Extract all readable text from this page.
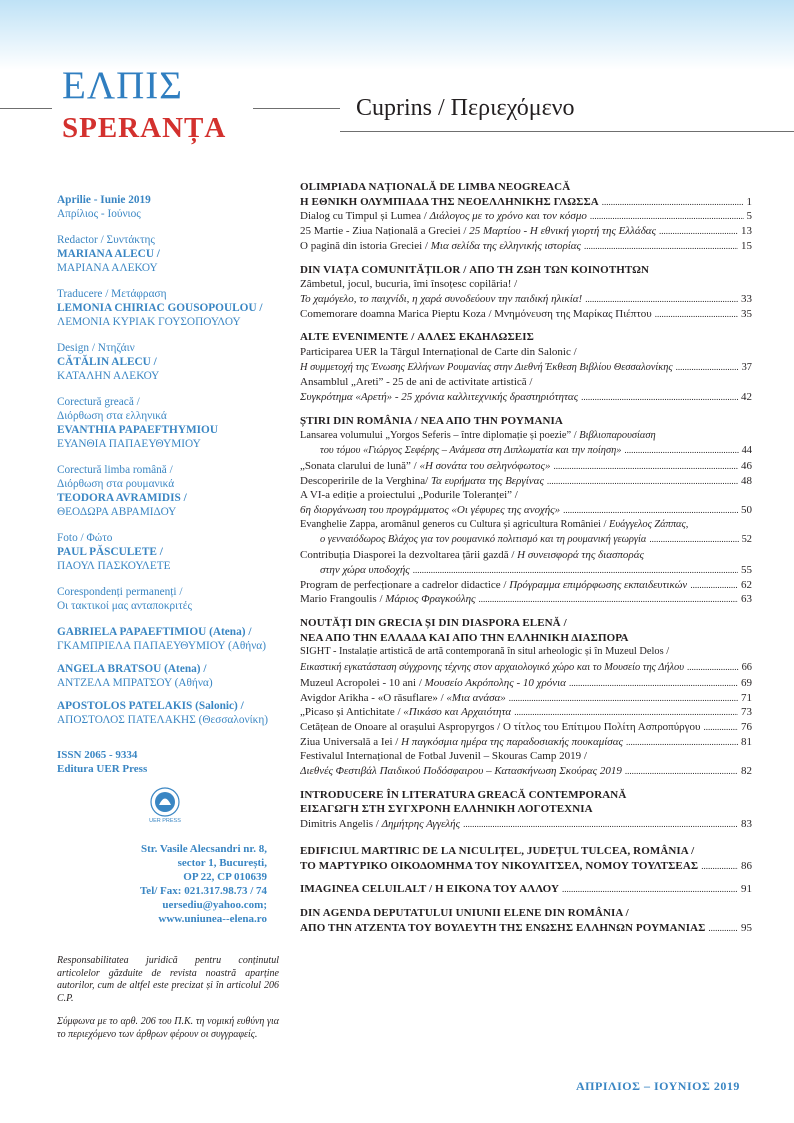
ΕΛΠΙΣ
SPERANȚA
Cuprins / Περιεχόμενο
Aprilie - Iunie 2019
Απρίλιος - Ιούνιος
Redactor / Συντάκτης
MARIANA ALECU /
ΜΑΡΙΑΝΑ ΑΛΕΚΟΥ
Traducere / Μετάφραση
LEMONIA CHIRIAC GOUSOPOULOU /
ΛΕΜΟΝΙΑ ΚΥΡΙΑΚ ΓΟΥΣΟΠΟΥΛΟΥ
Design / Ντηζάιν
CĂTĂLIN ALECU /
ΚΑΤΑΛΗΝ ΑΛΕΚΟΥ
Corectură greacă /
Διόρθωση στα ελληνικά
EVANTHIA PAPAEFTHYMIOU
ΕΥΑΝΘΙΑ ΠΑΠΑΕΥΘΥΜΙΟΥ
Corectură limba română /
Διόρθωση στα ρουμανικά
TEODORA AVRAMIDIS /
ΘΕΟΔΩΡΑ ΑΒΡΑΜΙΔΟΥ
Foto / Φώτο
PAUL PĂSCULETE /
ΠΑΟΥΛ ΠΑΣΚΟΥΛΕΤΕ
Corespondenți permanenți /
Οι τακτικοί μας ανταποκριτές
GABRIELA PAPAEFTIMIOU (Atena) /
ΓΚΑΜΠΡΙΕΛΑ ΠΑΠΑΕΥΘΥΜΙΟΥ (Αθήνα)
ANGELA BRATSOU (Atena) /
ΑΝΤΖΕΛΑ ΜΠΡΑΤΣΟΥ (Αθήνα)
APOSTOLOS PATELAKIS (Salonic) /
ΑΠΟΣΤΟΛΟΣ ΠΑΤΕΛΑΚΗΣ (Θεσσαλονίκη)
ISSN 2065 - 9334
Editura UER Press
UER PRESS
Str. Vasile Alecsandri nr. 8,
sector 1, București,
OP 22, CP 010639
Tel/ Fax: 021.317.98.73 / 74
uersediu@yahoo.com;
www.uniunea--elena.ro
Responsabilitatea juridică pentru conținutul articolelor găzduite de revista noastră aparține autorilor, cum de altfel este precizat și în articolul 206 C.P.
Σύμφωνα με το αρθ. 206 του Π.Κ. τη νομική ευθύνη για το περιεχόμενο των άρθρων φέρουν οι συγγραφείς.
OLIMPIADA NAȚIONALĂ DE LIMBA NEOGREACĂ
Η ΕΘΝΙΚΗ ΟΛΥΜΠΙΑΔΑ ΤΗΣ ΝΕΟΕΛΛΗΝΙΚΗΣ ΓΛΩΣΣΑ .....	1
Dialog cu Timpul și Lumea / Διάλογος με το χρόνο και τον κόσμο .....	5
25 Martie - Ziua Națională a Greciei / 25 Μαρτίου - Η εθνική γιορτή της Ελλάδας .....	13
O pagină din istoria Greciei / Μια σελίδα της ελληνικής ιστορίας .....	15
DIN VIAȚA COMUNITĂȚILOR / ΑΠΟ ΤΗ ΖΩΗ ΤΩΝ ΚΟΙΝΟΤΗΤΩΝ
Zâmbetul, jocul, bucuria, îmi însoțesc copilăria! /
Το χαμόγελο, το παιχνίδι, η χαρά συνοδεύουν την παιδική ηλικία! .....	33
Comemorare doamna Marica Pieptu Koza / Μνημόνευση της Μαρίκας Πιέπτου .....	35
ALTE EVENIMENTE / ΑΛΛΕΣ ΕΚΔΗΛΩΣΕΙΣ
Participarea UER la Târgul Internațional de Carte din Salonic /
Η συμμετοχή της Ένωσης Ελλήνων Ρουμανίας στην Διεθνή Έκθεση Βιβλίου Θεσσαλονίκης .....	37
Ansamblul „Areti” - 25 de ani de activitate artistică /
Συγκρότημα «Αρετή» - 25 χρόνια καλλιτεχνικής δραστηριότητας .....	42
ȘTIRI DIN ROMÂNIA / ΝΕΑ ΑΠΟ ΤΗΝ ΡΟΥΜΑΝΙΑ
Lansarea volumului „Yorgos Seferis – între diplomație și poezie” / Βιβλιοπαρουσίαση
του τόμου «Γιώργος Σεφέρης – Ανάμεσα στη Διπλωματία και την ποίηση» .....	44
„Sonata clarului de lună” / «Η σονάτα του σεληνόφωτος» .....	46
Descoperirile de la Verghina/ Τα ευρήματα της Βεργίνας .....	48
A VI-a ediție a proiectului „Podurile Toleranței” /
6η διοργάνωση του προγράμματος «Οι γέφυρες της ανοχής» .....	50
Evanghelie Zappa, aromânul generos cu Cultura și agricultura României / Ευάγγελος Ζάππας,
ο γενναιόδωρος Βλάχος για τον ρουμανικό πολιτισμό και τη ρουμανική γεωργία .....	52
Contribuția Diasporei la dezvoltarea țării gazdă / Η συνεισφορά της διασποράς
στην χώρα υποδοχής .....	55
Program de perfecționare a cadrelor didactice / Πρόγραμμα επιμόρφωσης εκπαιδευτικών .....	62
Mario Frangoulis / Μάριος Φραγκούλης .....	63
NOUTĂȚI DIN GRECIA ȘI DIN DIASPORA ELENĂ /
ΝΕΑ ΑΠΟ ΤΗΝ ΕΛΛΑΔΑ ΚΑΙ ΑΠΟ ΤΗΝ ΕΛΛΗΝΙΚΗ ΔΙΑΣΠΟΡΑ
SIGHT - Instalație artistică de artă contemporană în situl arheologic și în Muzeul Delos /
Εικαστική εγκατάσταση σύγχρονης τέχνης στον αρχαιολογικό χώρο και το Μουσείο της Δήλου .....	66
Muzeul Acropolei - 10 ani / Μουσείο Ακρόπολης - 10 χρόνια .....	69
Avigdor Arikha - «O răsuflare» / «Μια ανάσα» .....	71
„Picaso și Antichitate / «Πικάσο και Αρχαιότητα .....	73
Cetățean de Onoare al orașului Aspropyrgos / Ο τίτλος του Επίτιμου Πολίτη Ασπροπύργου .....	76
Ziua Universală a Iei / Η παγκόσμια ημέρα της παραδοσιακής πουκαμίσας .....	81
Festivalul Internațional de Fotbal Juvenil – Skouras Camp 2019 /
Διεθνές Φεστιβάλ Παιδικού Ποδόσφαιρου – Κατασκήνωση Σκούρας 2019 .....	82
INTRODUCERE ÎN LITERATURA GREACĂ CONTEMPORANĂ
ΕΙΣΑΓΩΓΗ ΣΤΗ ΣΥΓΧΡΟΝΗ ΕΛΛΗΝΙΚΗ ΛΟΓΟΤΕΧΝΙΑ
Dimitris Angelis / Δημήτρης Αγγελής .....	83
EDIFICIUL MARTIRIC DE LA NICULIȚEL, JUDEȚUL TULCEA, ROMÂNIA /
ΤΟ ΜΑΡΤΥΡΙΚΟ ΟΙΚΟΔΟΜΗΜΑ ΤΟΥ ΝΙΚΟΥΛΙΤΣΕΛ, ΝΟΜΟΥ ΤΟΥΛΤΣΕΑΣ .....	86
IMAGINEA CELUILALT / Η ΕΙΚΟΝΑ ΤΟΥ ΑΛΛΟΥ .....	91
DIN AGENDA DEPUTATULUI UNIUNII ELENE DIN ROMÂNIA /
ΑΠΟ ΤΗΝ ΑΤΖΕΝΤΑ ΤΟΥ ΒΟΥΛΕΥΤΗ ΤΗΣ ΕΝΩΣΗΣ ΕΛΛΗΝΩΝ ΡΟΥΜΑΝΙΑΣ .....	95
ΑΠΡΙΛΙΟΣ – ΙΟΥΝΙΟΣ 2019
